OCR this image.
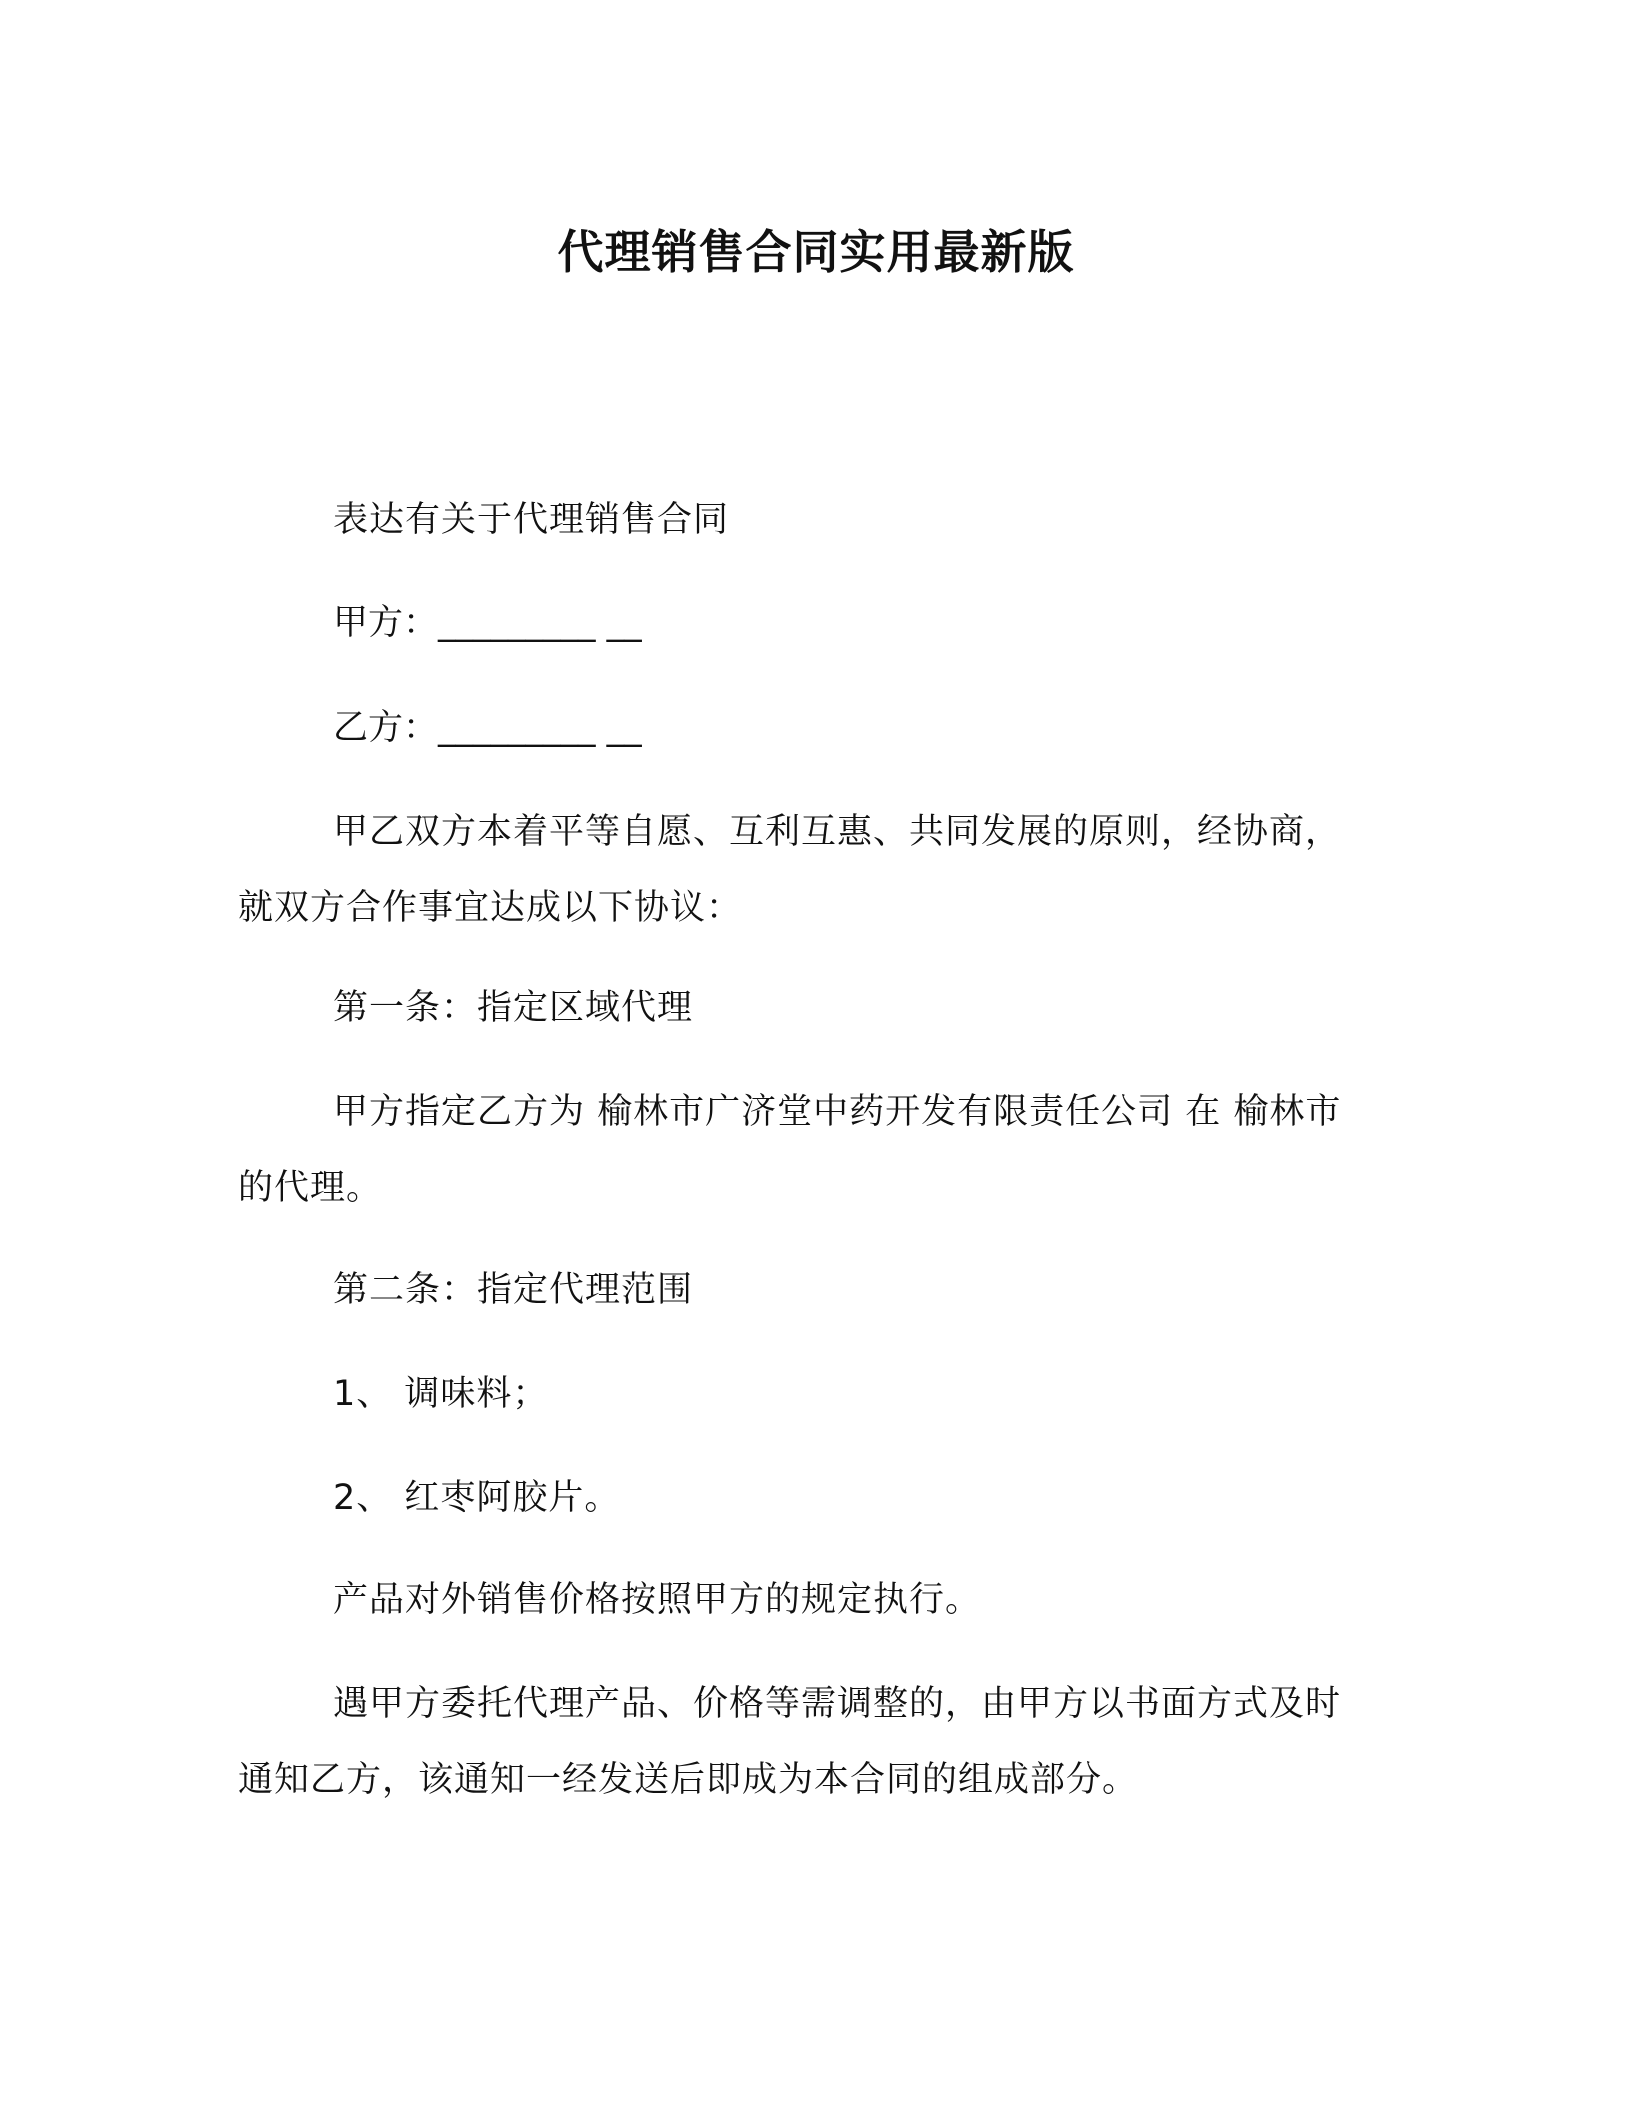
代理销售合同实用最新版
表达有关于代理销售合同
甲方：_________ __
乙方：_________ __
甲乙双方本着平等自愿、互利互惠、共同发展的原则，经协商，
就双方合作事宜达成以下协议：
第一条：指定区域代理
甲方指定乙方为 榆林市广济堂中药开发有限责任公司 在 榆林市
的代理。
第二条：指定代理范围
1、 调味料；
2、 红枣阿胶片。
产品对外销售价格按照甲方的规定执行。
遇甲方委托代理产品、价格等需调整的，由甲方以书面方式及时
通知乙方，该通知一经发送后即成为本合同的组成部分。
